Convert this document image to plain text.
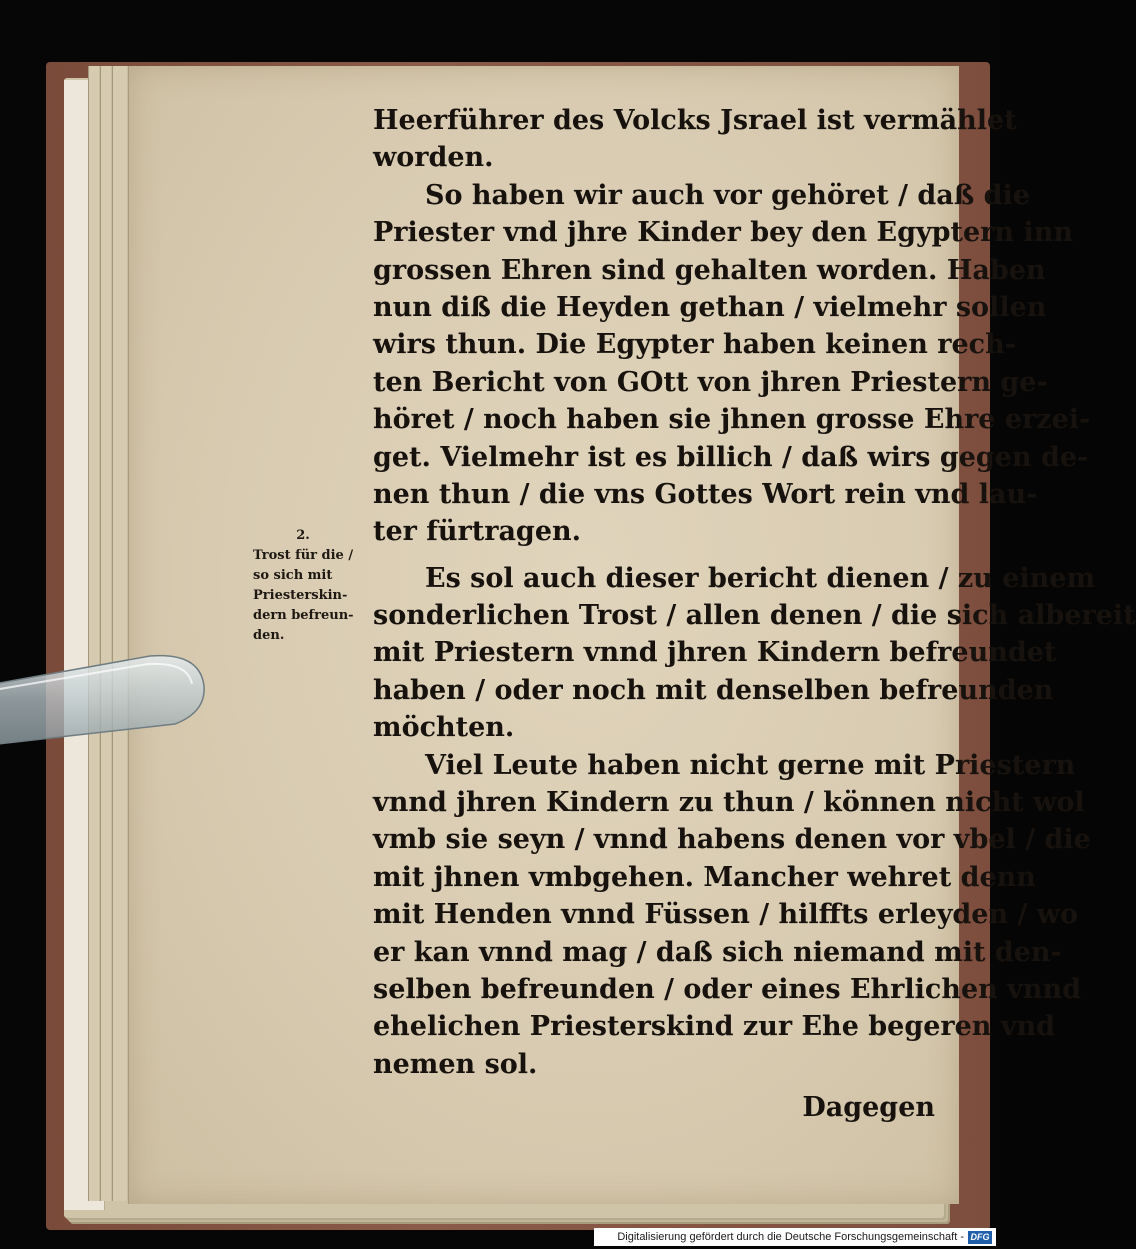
Heerführer des Volcks Jsrael ist vermählet
worden.
So haben wir auch vor gehöret / daß die
Priester vnd jhre Kinder bey den Egyptern inn
grossen Ehren sind gehalten worden. Haben
nun diß die Heyden gethan / vielmehr sollen
wirs thun. Die Egypter haben keinen rech-
ten Bericht von GOtt von jhren Priestern ge-
höret / noch haben sie jhnen grosse Ehre erzei-
get. Vielmehr ist es billich / daß wirs gegen de-
nen thun / die vns Gottes Wort rein vnd lau-
ter fürtragen.
Es sol auch dieser bericht dienen / zu einem
sonderlichen Trost / allen denen / die sich albereit
mit Priestern vnnd jhren Kindern befreundet
haben / oder noch mit denselben befreunden
möchten.
Viel Leute haben nicht gerne mit Priestern
vnnd jhren Kindern zu thun / können nicht wol
vmb sie seyn / vnnd habens denen vor vbel / die
mit jhnen vmbgehen. Mancher wehret denn
mit Henden vnnd Füssen / hilffts erleyden / wo
er kan vnnd mag / daß sich niemand mit den-
selben befreunden / oder eines Ehrlichen vnnd
ehelichen Priesterskind zur Ehe begeren vnd
nemen sol.
Dagegen
2.
Trost für die /
so sich mit
Priesterskin-
dern befreun-
den.
Digitalisierung gefördert durch die Deutsche Forschungsgemeinschaft - DFG
